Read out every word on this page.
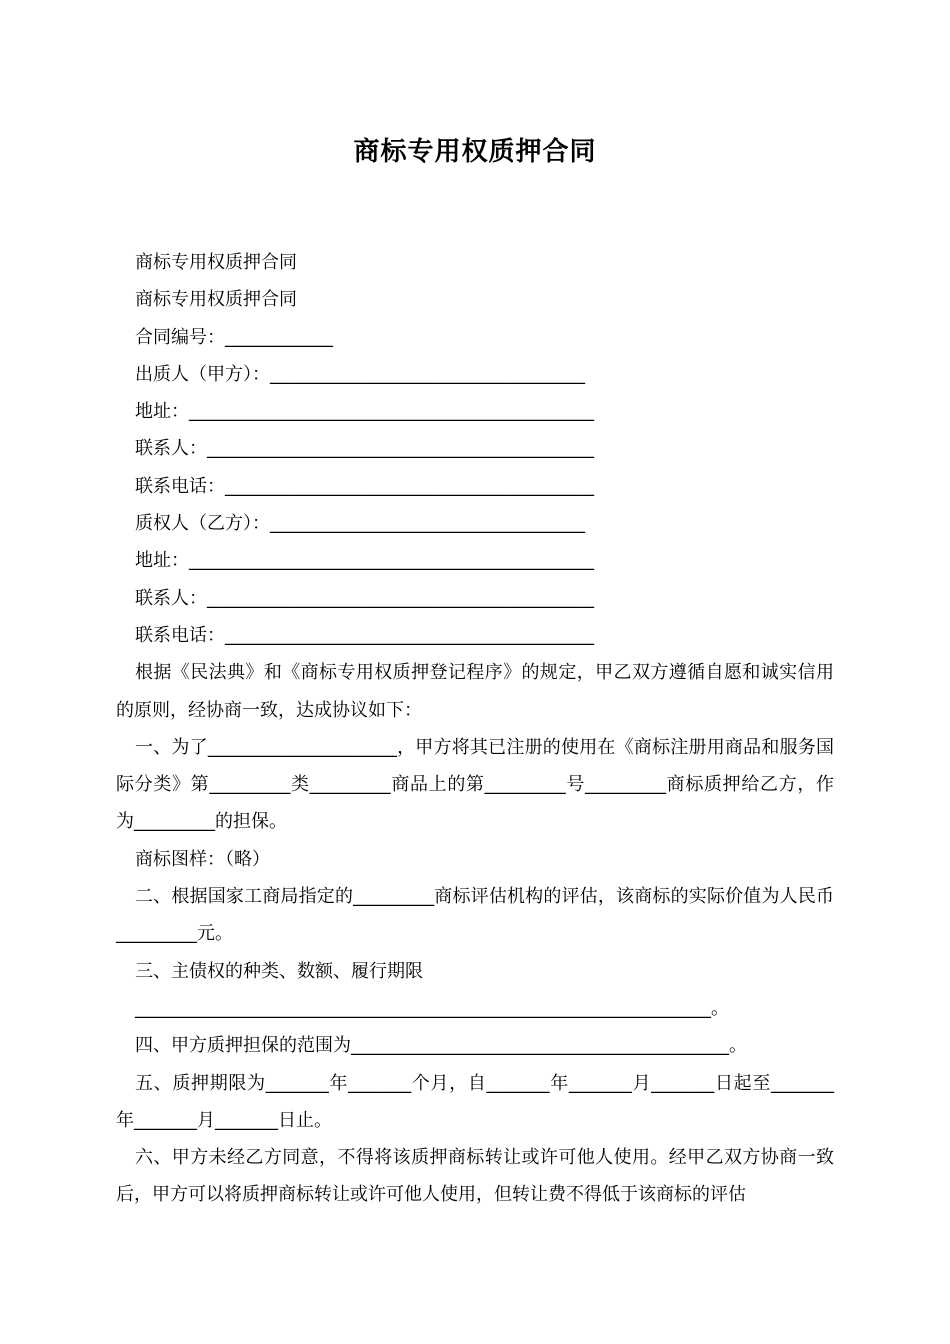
商标专用权质押合同
商标专用权质押合同
商标专用权质押合同
合同编号：____________
出质人（甲方）：___________________________________
地址：_____________________________________________
联系人：___________________________________________
联系电话：_________________________________________
质权人（乙方）：___________________________________
地址：_____________________________________________
联系人：___________________________________________
联系电话：_________________________________________

根据《民法典》和《商标专用权质押登记程序》的规定，甲乙双方遵循自愿和诚实信用的原则，经协商一致，达成协议如下：

一、为了_____________________，甲方将其已注册的使用在《商标注册用商品和服务国际分类》第_________类_________商品上的第_________号_________商标质押给乙方，作为_________的担保。

商标图样：（略）

二、根据国家工商局指定的_________商标评估机构的评估，该商标的实际价值为人民币_________元。

三、主债权的种类、数额、履行期限

________________________________________________________________。

四、甲方质押担保的范围为__________________________________________。

五、质押期限为_______年_______个月，自_______年_______月_______日起至_______年_______月_______日止。

六、甲方未经乙方同意，不得将该质押商标转让或许可他人使用。经甲乙双方协商一致 后，甲方可以将质押商标转让或许可他人使用，但转让费不得低于该商标的评估
